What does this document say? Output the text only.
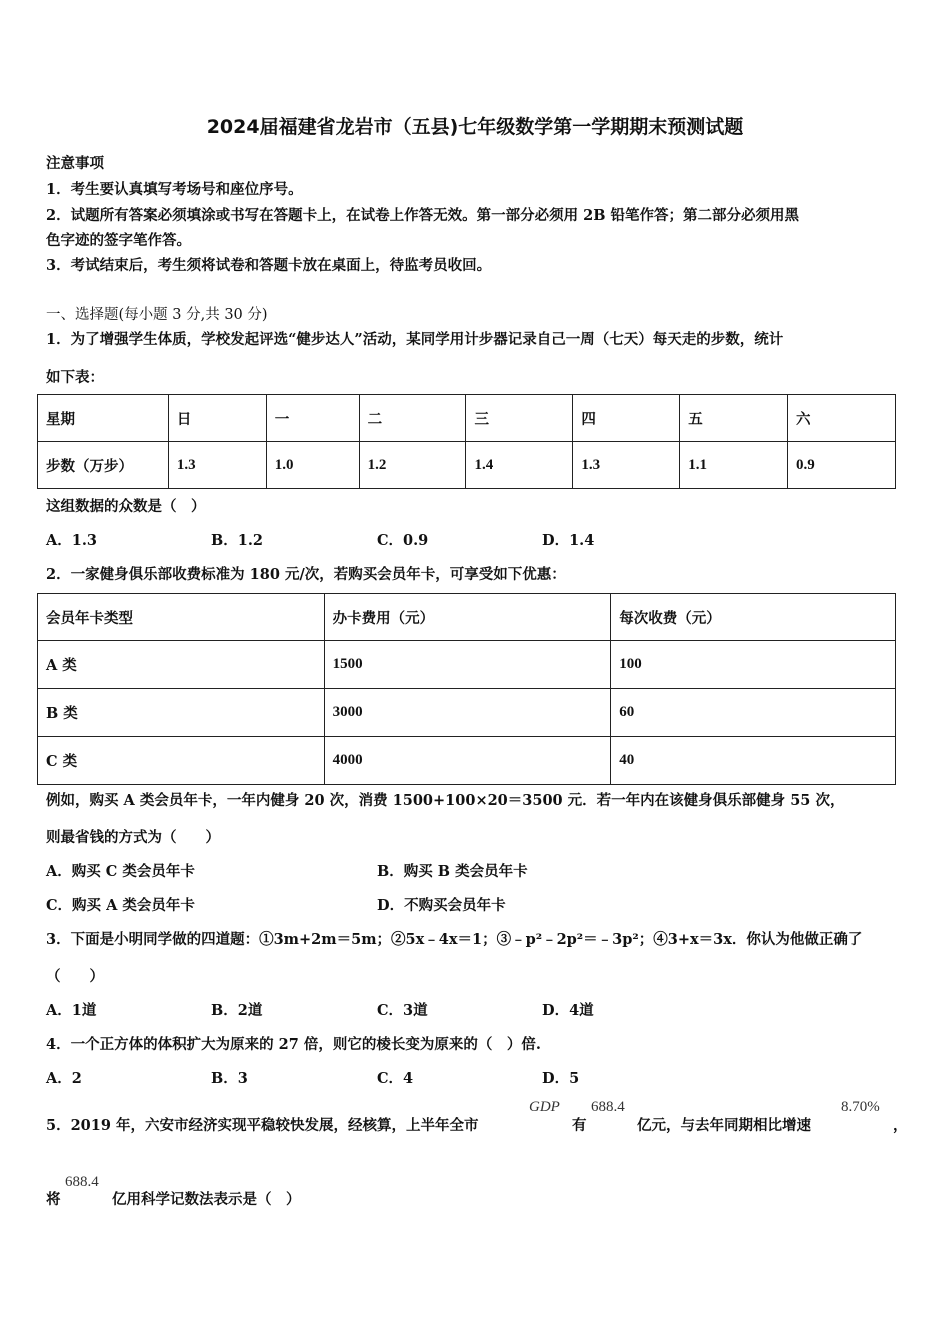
2024届福建省龙岩市（五县)七年级数学第一学期期末预测试题
注意事项
1．考生要认真填写考场号和座位序号。
2．试题所有答案必须填涂或书写在答题卡上，在试卷上作答无效。第一部分必须用 2B 铅笔作答；第二部分必须用黑
色字迹的签字笔作答。
3．考试结束后，考生须将试卷和答题卡放在桌面上，待监考员收回。
一、选择题(每小题 3 分,共 30 分)
1．为了增强学生体质，学校发起评选“健步达人”活动，某同学用计步器记录自己一周（七天）每天走的步数，统计
如下表：
星期	日	一	二	三	四	五	六
步数（万步）	1.3	1.0	1.2	1.4	1.3	1.1	0.9
这组数据的众数是（　）
A．1.3	B．1.2	C．0.9	D．1.4
2．一家健身俱乐部收费标准为 180 元/次，若购买会员年卡，可享受如下优惠：
会员年卡类型	办卡费用（元）	每次收费（元）
A 类	1500	100
B 类	3000	60
C 类	4000	40
例如，购买 A 类会员年卡，一年内健身 20 次，消费 1500+100×20＝3500 元．若一年内在该健身俱乐部健身 55 次，
则最省钱的方式为（　　）
A．购买 C 类会员年卡	B．购买 B 类会员年卡
C．购买 A 类会员年卡	D．不购买会员年卡
3．下面是小明同学做的四道题：①3m+2m＝5m；②5x﹣4x＝1；③﹣p²﹣2p²＝﹣3p²；④3+x＝3x．你认为他做正确了
（　　）
A．1道	B．2道	C．3道	D．4道
4．一个正方体的体积扩大为原来的 27 倍，则它的棱长变为原来的（　）倍.
A．2	B．3	C．4	D．5
5．2019 年，六安市经济实现平稳较快发展，经核算，上半年全市
GDP
有
688.4
亿元，与去年同期相比增速
8.70%
，
将
688.4
亿用科学记数法表示是（　）
